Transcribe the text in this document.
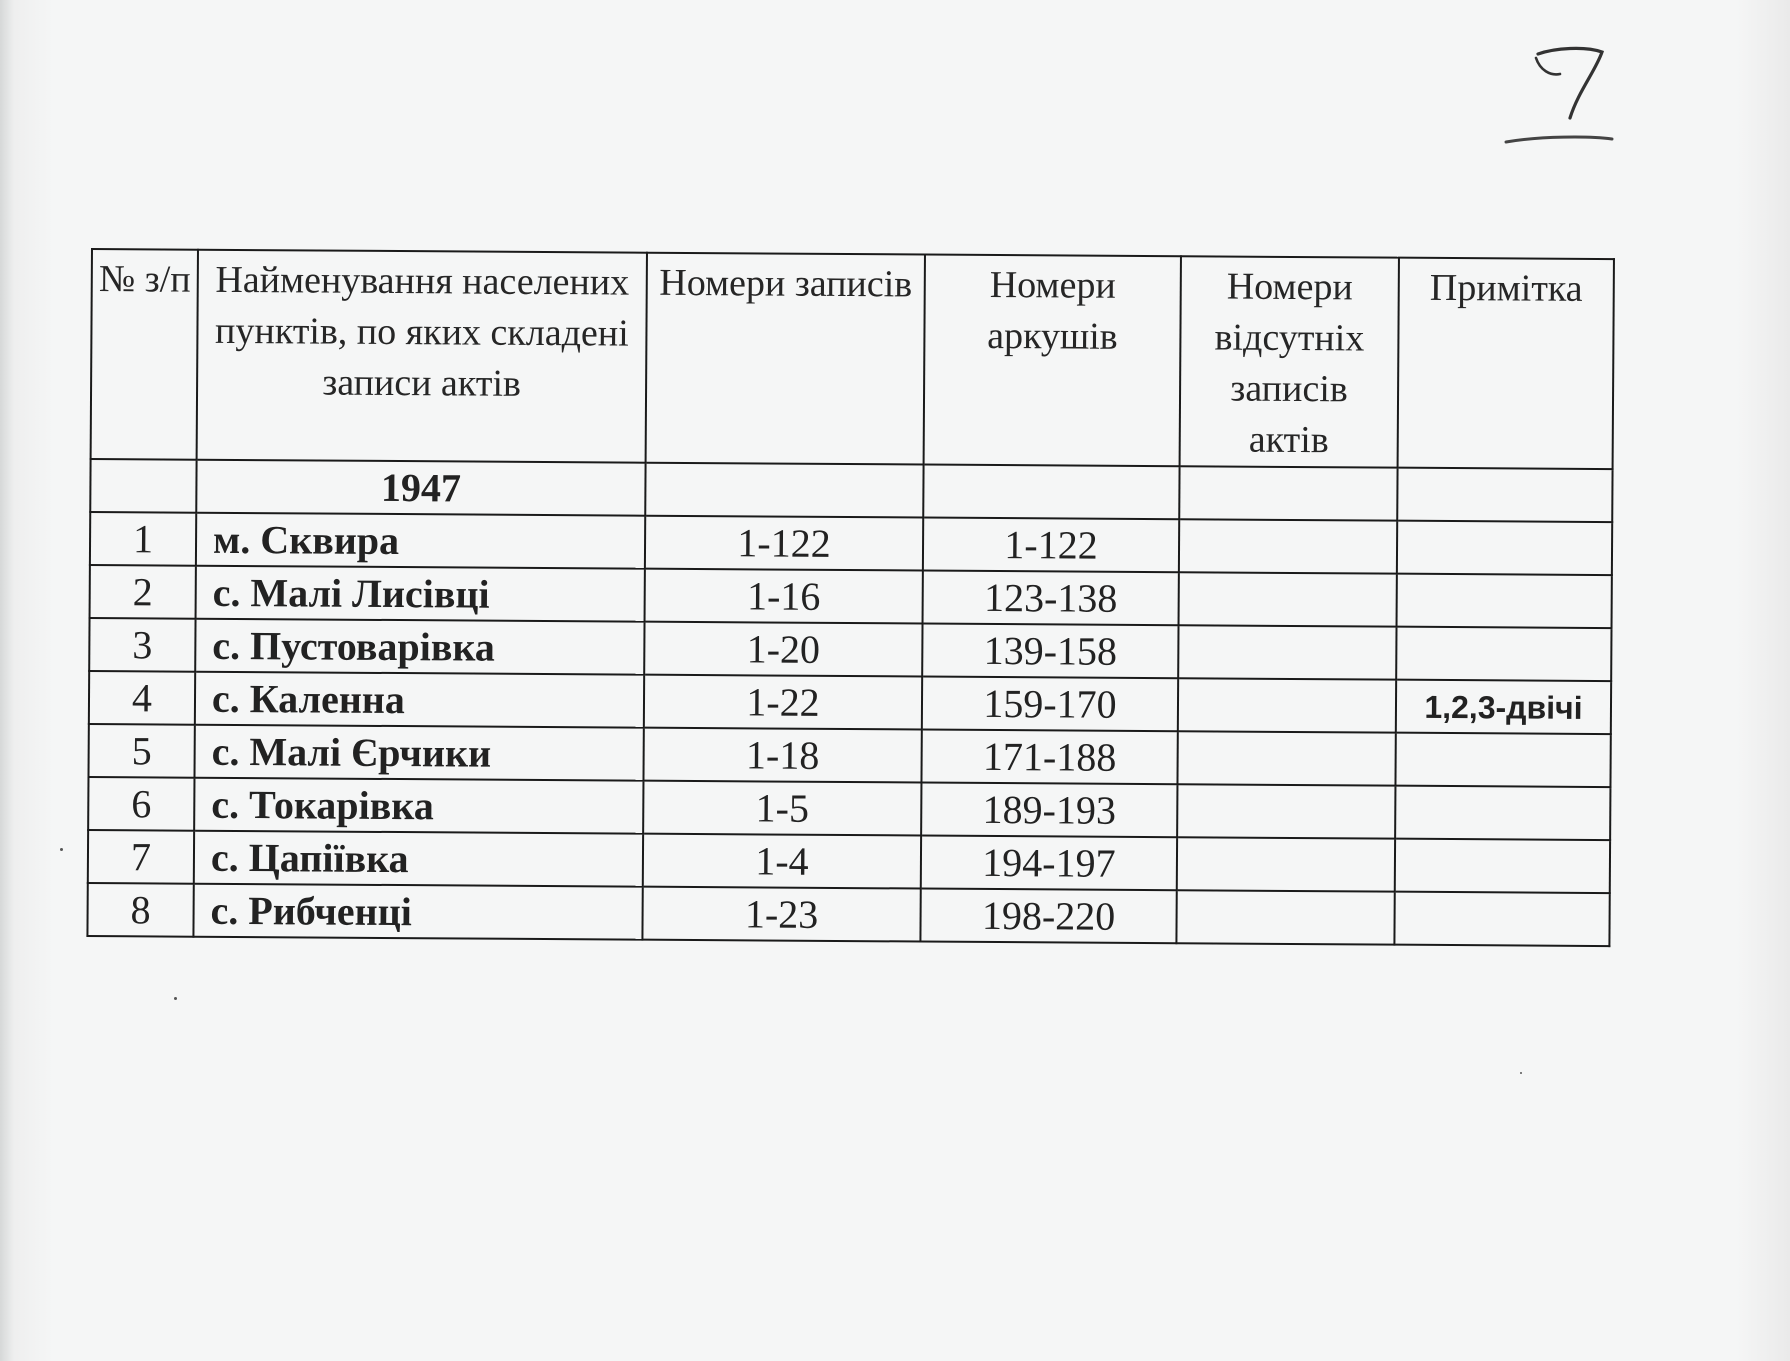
№ з/п	Найменування населених пунктів, по яких складені записи актів	Номери записів	Номери аркушів	Номери відсутніх записів актів	Примітка
	1947				
1	м. Сквира	1-122	1-122		
2	с. Малі Лисівці	1-16	123-138		
3	с. Пустоварівка	1-20	139-158		
4	с. Каленна	1-22	159-170		1,2,3-двічі
5	с. Малі Єрчики	1-18	171-188		
6	с. Токарівка	1-5	189-193		
7	с. Цапіївка	1-4	194-197		
8	с. Рибченці	1-23	198-220		
